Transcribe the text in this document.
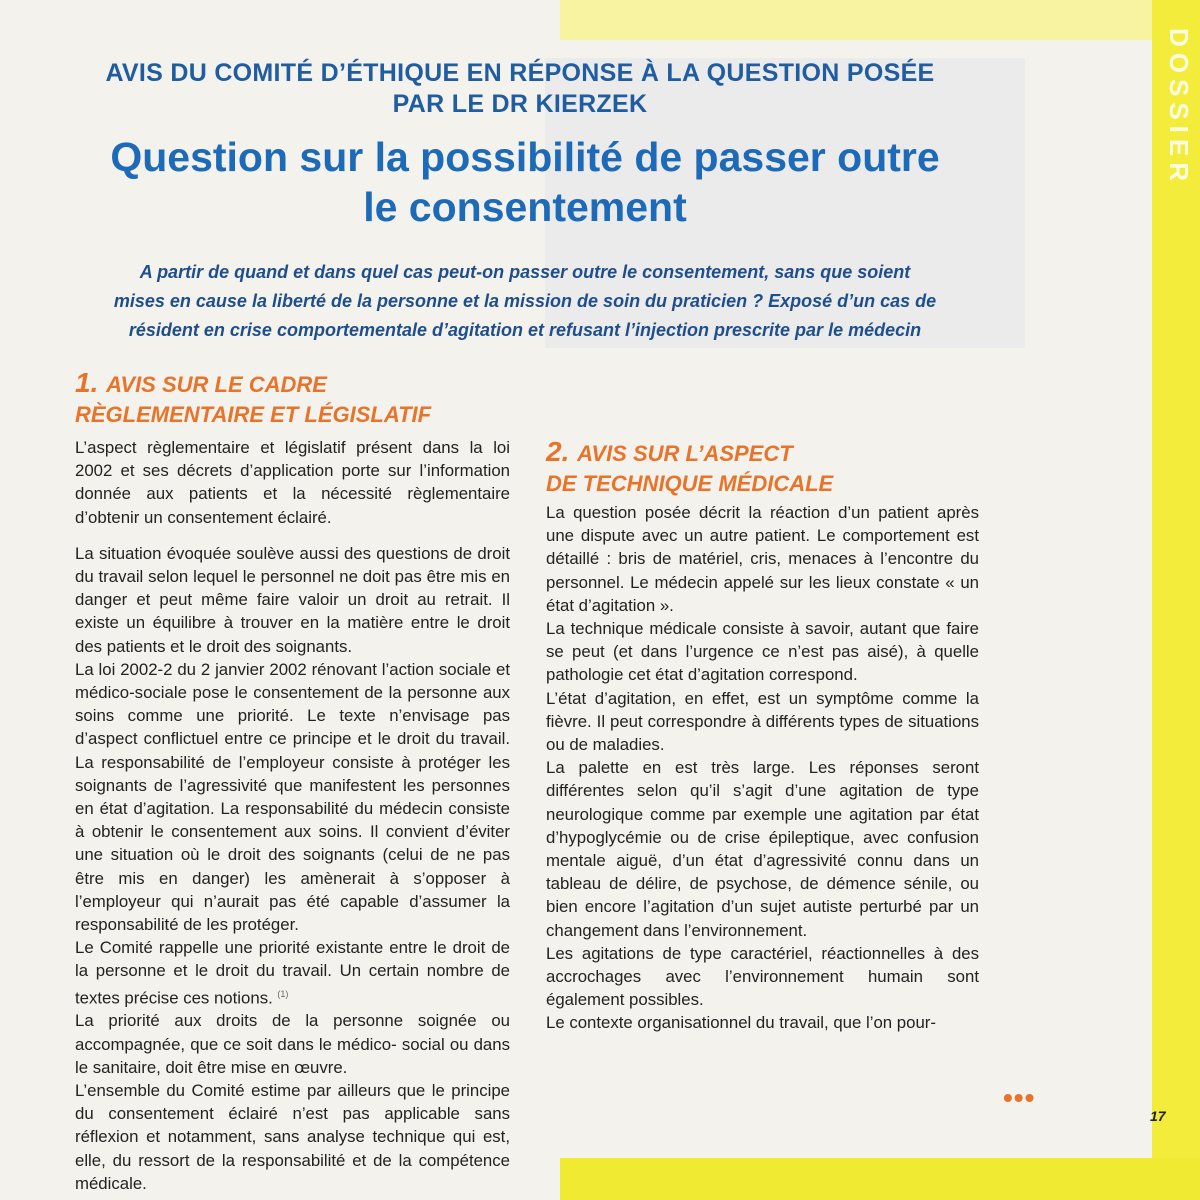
DOSSIER
AVIS DU COMITÉ D’ÉTHIQUE EN RÉPONSE À LA QUESTION POSÉE
PAR LE DR KIERZEK
Question sur la possibilité de passer outre
le consentement
A partir de quand et dans quel cas peut-on passer outre le consentement, sans que soient
mises en cause la liberté de la personne et la mission de soin du praticien ? Exposé d’un cas de
résident en crise comportementale d’agitation et refusant l’injection prescrite par le médecin
1. AVIS SUR LE CADRE
RÈGLEMENTAIRE ET LÉGISLATIF

L’aspect règlementaire et législatif présent dans la loi 2002 et ses décrets d’application porte sur l’information donnée aux patients et la nécessité règlementaire d’obtenir un consentement éclairé.

La situation évoquée soulève aussi des questions de droit du travail selon lequel le personnel ne doit pas être mis en danger et peut même faire valoir un droit au retrait. Il existe un équilibre à trouver en la matière entre le droit des patients et le droit des soignants.

La loi 2002-2 du 2 janvier 2002 rénovant l’action sociale et médico-sociale pose le consentement de la personne aux soins comme une priorité. Le texte n’envisage pas d’aspect conflictuel entre ce principe et le droit du travail. La responsabilité de l’employeur consiste à protéger les soignants de l’agressivité que manifestent les personnes en état d’agitation. La responsabilité du médecin consiste à obtenir le consentement aux soins. Il convient d’éviter une situation où le droit des soignants (celui de ne pas être mis en danger) les amènerait à s’opposer à l’employeur qui n’aurait pas été capable d’assumer la responsabilité de les protéger.

Le Comité rappelle une priorité existante entre le droit de la personne et le droit du travail. Un certain nombre de textes précise ces notions. $^{(1)}$

La priorité aux droits de la personne soignée ou accompagnée, que ce soit dans le médico- social ou dans le sanitaire, doit être mise en œuvre.

L’ensemble du Comité estime par ailleurs que le principe du consentement éclairé n’est pas applicable sans réflexion et notamment, sans analyse technique qui est, elle, du ressort de la responsabilité et de la compétence médicale.

2. AVIS SUR L’ASPECT
DE TECHNIQUE MÉDICALE

La question posée décrit la réaction d’un patient après une dispute avec un autre patient. Le comportement est détaillé : bris de matériel, cris, menaces à l’encontre du personnel. Le médecin appelé sur les lieux constate « un état d’agitation ».

La technique médicale consiste à savoir, autant que faire se peut (et dans l’urgence ce n’est pas aisé), à quelle pathologie cet état d’agitation correspond.

L’état d’agitation, en effet, est un symptôme comme la fièvre. Il peut correspondre à différents types de situations ou de maladies.

La palette en est très large. Les réponses seront différentes selon qu’il s’agit d’une agitation de type neurologique comme par exemple une agitation par état d’hypoglycémie ou de crise épileptique, avec confusion mentale aiguë, d’un état d’agressivité connu dans un tableau de délire, de psychose, de démence sénile, ou bien encore l’agitation d’un sujet autiste perturbé par un changement dans l’environnement.

Les agitations de type caractériel, réactionnelles à des accrochages avec l’environnement humain sont également possibles.

Le contexte organisationnel du travail, que l’on pour-

•••
17
